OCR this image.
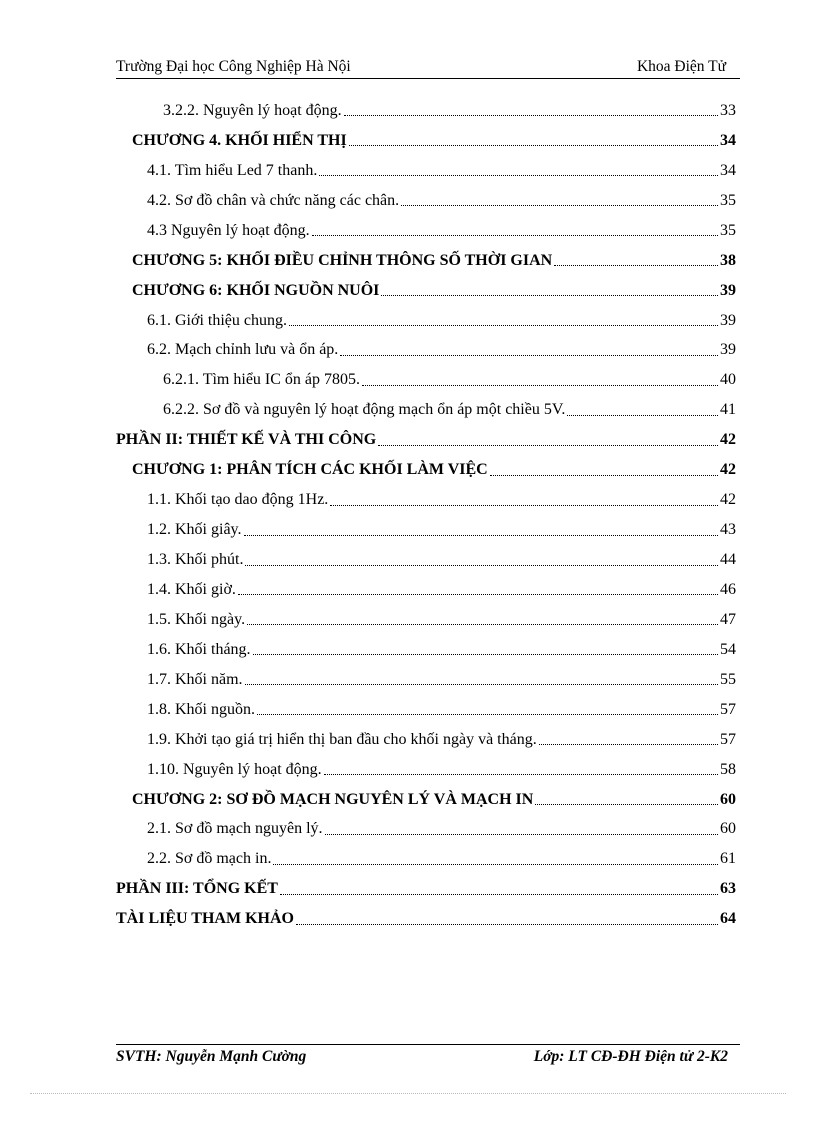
Trường Đại học Công Nghiệp Hà Nội	Khoa Điện Tử
3.2.2. Nguyên lý hoạt động.	33
CHƯƠNG 4. KHỐI HIỂN THỊ	34
4.1. Tìm hiểu Led 7 thanh.	34
4.2. Sơ đồ chân và chức năng các chân.	35
4.3 Nguyên lý hoạt động.	35
CHƯƠNG 5: KHỐI ĐIỀU CHỈNH THÔNG SỐ THỜI GIAN	38
CHƯƠNG 6: KHỐI NGUỒN NUÔI	39
6.1. Giới thiệu chung.	39
6.2. Mạch chỉnh lưu và ổn áp.	39
6.2.1. Tìm hiểu IC ổn áp 7805.	40
6.2.2. Sơ đồ và nguyên lý hoạt động mạch ổn áp một chiều 5V.	41
PHẦN II: THIẾT KẾ VÀ THI CÔNG	42
CHƯƠNG 1: PHÂN TÍCH CÁC KHỐI LÀM VIỆC	42
1.1. Khối tạo dao động 1Hz.	42
1.2. Khối giây.	43
1.3. Khối phút.	44
1.4. Khối giờ.	46
1.5. Khối ngày.	47
1.6. Khối tháng.	54
1.7. Khối năm.	55
1.8. Khối nguồn.	57
1.9. Khởi tạo giá trị hiển thị ban đầu cho khối ngày và tháng.	57
1.10. Nguyên lý hoạt động.	58
CHƯƠNG 2: SƠ ĐỒ MẠCH NGUYÊN LÝ VÀ MẠCH IN	60
2.1. Sơ đồ mạch nguyên lý.	60
2.2. Sơ đồ mạch in.	61
PHẦN III: TỔNG KẾT	63
TÀI LIỆU THAM KHẢO	64
SVTH: Nguyễn Mạnh Cường	Lớp: LT CĐ-ĐH Điện tử 2-K2
